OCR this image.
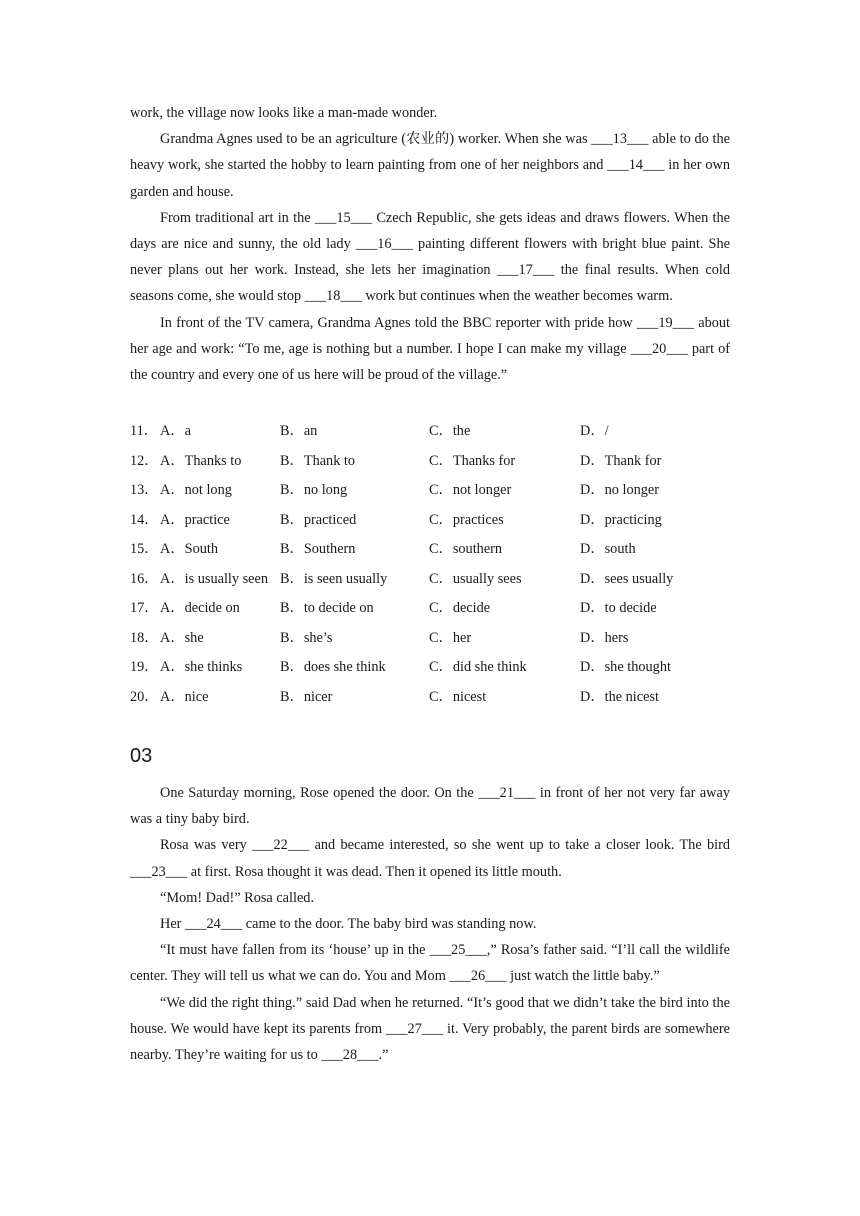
work, the village now looks like a man-made wonder.

Grandma Agnes used to be an agriculture (农业的) worker. When she was ___13___ able to do the heavy work, she started the hobby to learn painting from one of her neighbors and ___14___ in her own garden and house.

From traditional art in the ___15___ Czech Republic, she gets ideas and draws flowers. When the days are nice and sunny, the old lady ___16___ painting different flowers with bright blue paint. She never plans out her work. Instead, she lets her imagination ___17___ the final results. When cold seasons come, she would stop ___18___ work but continues when the weather becomes warm.

In front of the TV camera, Grandma Agnes told the BBC reporter with pride how ___19___ about her age and work: “To me, age is nothing but a number. I hope I can make my village ___20___ part of the country and every one of us here will be proud of the village.”

11． A．a	B．an	C．the	D．/
12． A．Thanks to	B．Thank to	C．Thanks for	D．Thank for
13． A．not long	B．no long	C．not longer	D．no longer
14． A．practice	B．practiced	C．practices	D．practicing
15． A．South	B．Southern	C．southern	D．south
16． A．is usually seen B．is seen usually	C．usually sees	D．sees usually
17． A．decide on	B．to decide on	C．decide	D．to decide
18． A．she	B．she’s	C．her	D．hers
19． A．she thinks	B．does she think	C．did she think	D．she thought
20． A．nice	B．nicer	C．nicest	D．the nicest
03

One Saturday morning, Rose opened the door. On the ___21___ in front of her not very far away was a tiny baby bird.

Rosa was very ___22___ and became interested, so she went up to take a closer look. The bird ___23___ at first. Rosa thought it was dead. Then it opened its little mouth.

“Mom! Dad!” Rosa called.

Her ___24___ came to the door. The baby bird was standing now.

“It must have fallen from its ‘house’ up in the ___25___,” Rosa’s father said. “I’ll call the wildlife center. They will tell us what we can do. You and Mom ___26___ just watch the little baby.”

“We did the right thing.” said Dad when he returned. “It’s good that we didn’t take the bird into the house. We would have kept its parents from ___27___ it. Very probably, the parent birds are somewhere nearby. They’re waiting for us to ___28___.”
